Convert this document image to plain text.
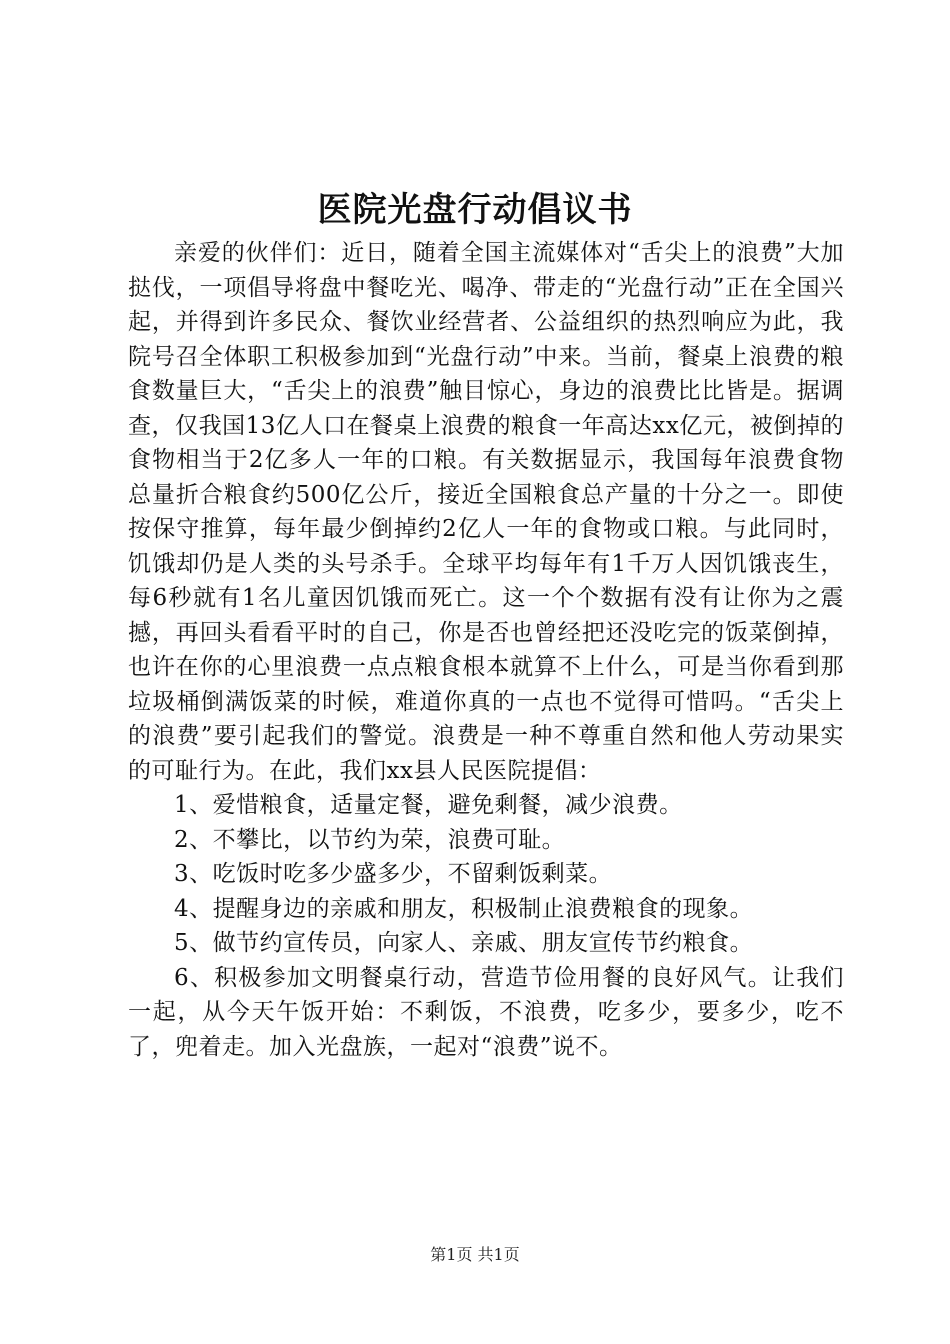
医院光盘行动倡议书

亲爱的伙伴们：近日，随着全国主流媒体对“舌尖上的浪费”大加挞伐，一项倡导将盘中餐吃光、喝净、带走的“光盘行动”正在全国兴起，并得到许多民众、餐饮业经营者、公益组织的热烈响应为此，我院号召全体职工积极参加到“光盘行动”中来。当前，餐桌上浪费的粮食数量巨大，“舌尖上的浪费”触目惊心，身边的浪费比比皆是。据调查，仅我国13亿人口在餐桌上浪费的粮食一年高达xx亿元，被倒掉的食物相当于2亿多人一年的口粮。有关数据显示，我国每年浪费食物总量折合粮食约500亿公斤，接近全国粮食总产量的十分之一。即使按保守推算，每年最少倒掉约2亿人一年的食物或口粮。与此同时，饥饿却仍是人类的头号杀手。全球平均每年有1千万人因饥饿丧生，每6秒就有1名儿童因饥饿而死亡。这一个个数据有没有让你为之震撼，再回头看看平时的自己，你是否也曾经把还没吃完的饭菜倒掉，也许在你的心里浪费一点点粮食根本就算不上什么，可是当你看到那垃圾桶倒满饭菜的时候，难道你真的一点也不觉得可惜吗。“舌尖上的浪费”要引起我们的警觉。浪费是一种不尊重自然和他人劳动果实的可耻行为。在此，我们xx县人民医院提倡：

1、爱惜粮食，适量定餐，避免剩餐，减少浪费。

2、不攀比，以节约为荣，浪费可耻。

3、吃饭时吃多少盛多少，不留剩饭剩菜。

4、提醒身边的亲戚和朋友，积极制止浪费粮食的现象。

5、做节约宣传员，向家人、亲戚、朋友宣传节约粮食。

6、积极参加文明餐桌行动，营造节俭用餐的良好风气。让我们一起，从今天午饭开始：不剩饭，不浪费，吃多少，要多少，吃不了，兜着走。加入光盘族，一起对“浪费”说不。

第1页 共1页
